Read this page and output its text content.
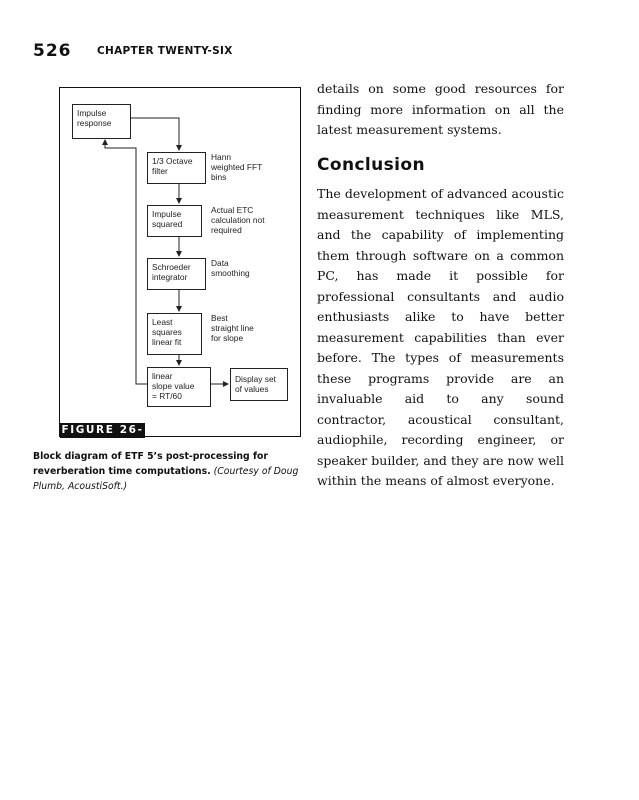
526 CHAPTER TWENTY-SIX
Impulse
response
1/3 Octave
filter
Hann
weighted FFT
bins
Impulse
squared
Actual ETC
calculation not
required
Schroeder
integrator
Data
smoothing
Least
squares
linear fit
Best
straight line
for slope
linear
slope value
= RT/60
Display set
of values
FIGURE 26-18
Block diagram of ETF 5’s post-processing for reverberation time computations. (Courtesy of Doug Plumb, AcoustiSoft.)

details on some good resources for finding more information on all the latest measurement systems.

Conclusion

The development of advanced acoustic measurement techniques like MLS, and the capability of implementing them through software on a common PC, has made it possible for professional consultants and audio enthusiasts alike to have better measurement capabilities than ever before. The types of measurements these programs provide are an invaluable aid to any sound contractor, acoustical consultant, audiophile, recording engineer, or speaker builder, and they are now well within the means of almost everyone.
